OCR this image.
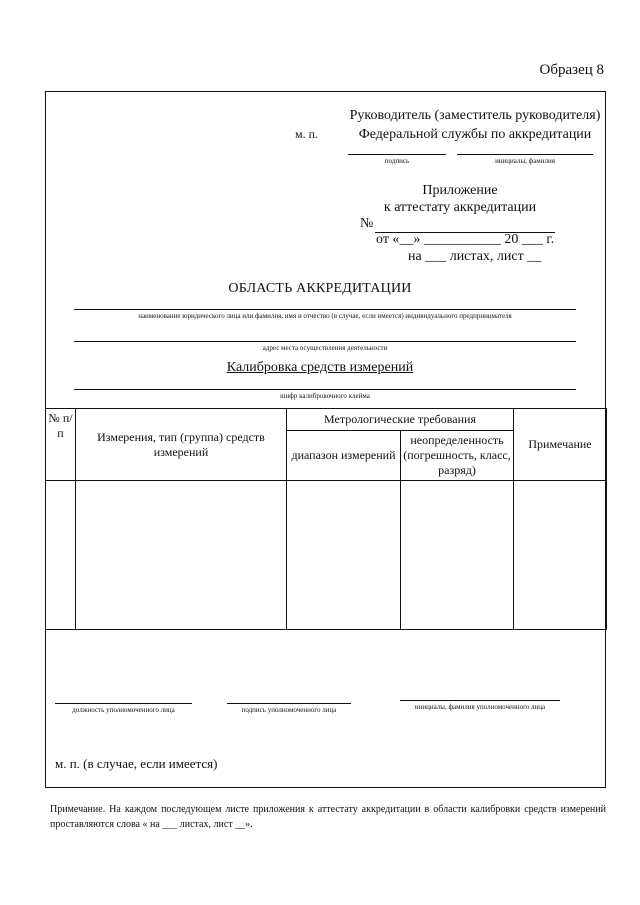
Образец 8
м. п.
Руководитель (заместитель руководителя)
Федеральной службы по аккредитации
подпись	инициалы, фамилия
Приложение
к аттестату аккредитации
№
от «__» ___________ 20 ___ г.
на ___ листах, лист __
ОБЛАСТЬ АККРЕДИТАЦИИ
наименование юридического лица или фамилия, имя и отчество (в случае, если имеется) индивидуального предпринимателя
адрес места осуществления деятельности
Калибровка средств измерений
шифр калибровочного клейма
№ п/п	Измерения, тип (группа) средств измерений	Метрологические требования		Примечание
		диапазон измерений	неопределенность (погрешность, класс, разряд)	

должность уполномоченного лица	подпись уполномоченного лица	инициалы, фамилия уполномоченного лица
м. п. (в случае, если имеется)
Примечание. На каждом последующем листе приложения к аттестату аккредитации в области калибровки средств измерений проставляются слова « на ___ листах, лист __».
